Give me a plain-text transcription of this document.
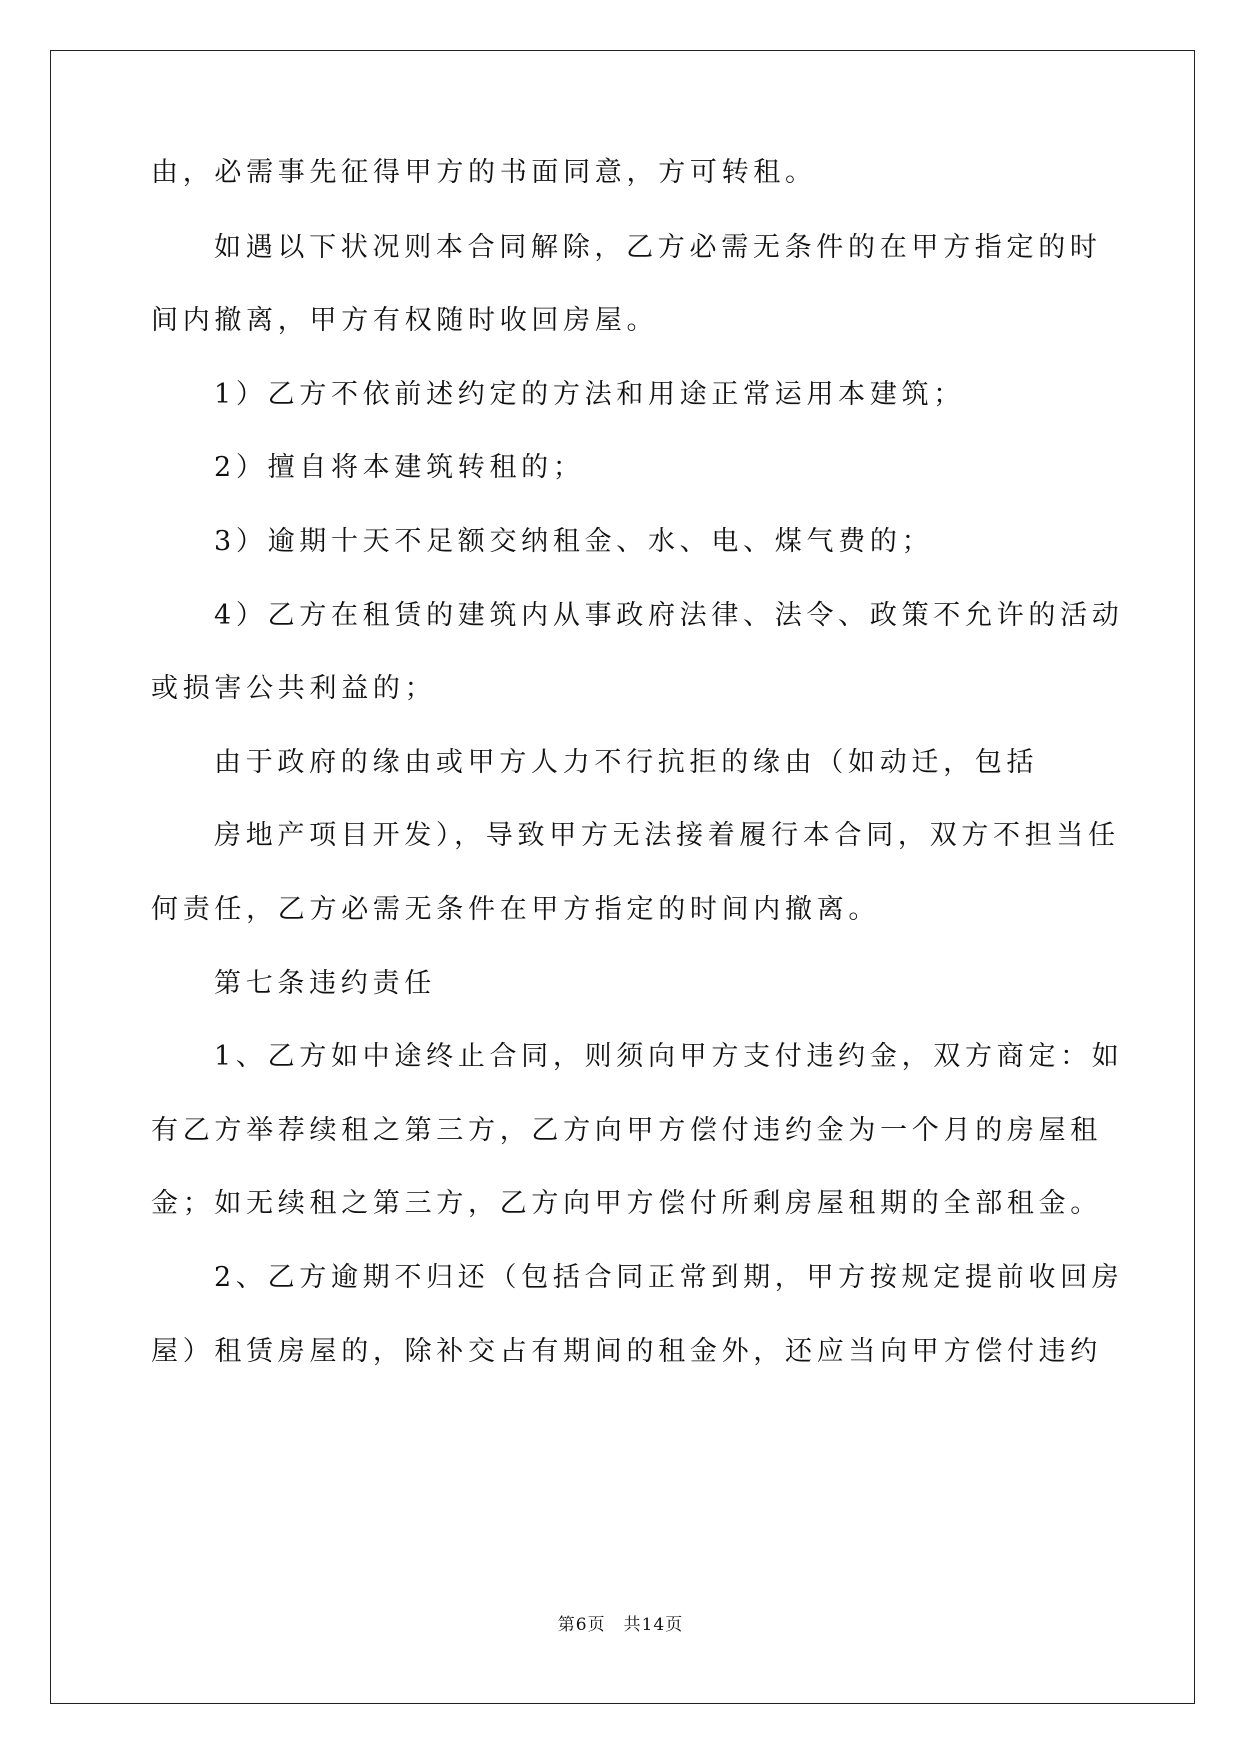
由，必需事先征得甲方的书面同意，方可转租。
如遇以下状况则本合同解除，乙方必需无条件的在甲方指定的时
间内撤离，甲方有权随时收回房屋。
1）乙方不依前述约定的方法和用途正常运用本建筑；
2）擅自将本建筑转租的；
3）逾期十天不足额交纳租金、水、电、煤气费的；
4）乙方在租赁的建筑内从事政府法律、法令、政策不允许的活动
或损害公共利益的；
由于政府的缘由或甲方人力不行抗拒的缘由（如动迁，包括
房地产项目开发），导致甲方无法接着履行本合同，双方不担当任
何责任，乙方必需无条件在甲方指定的时间内撤离。
第七条违约责任
1、乙方如中途终止合同，则须向甲方支付违约金，双方商定：如
有乙方举荐续租之第三方，乙方向甲方偿付违约金为一个月的房屋租
金；如无续租之第三方，乙方向甲方偿付所剩房屋租期的全部租金。
2、乙方逾期不归还（包括合同正常到期，甲方按规定提前收回房
屋）租赁房屋的，除补交占有期间的租金外，还应当向甲方偿付违约
第6页　共14页
